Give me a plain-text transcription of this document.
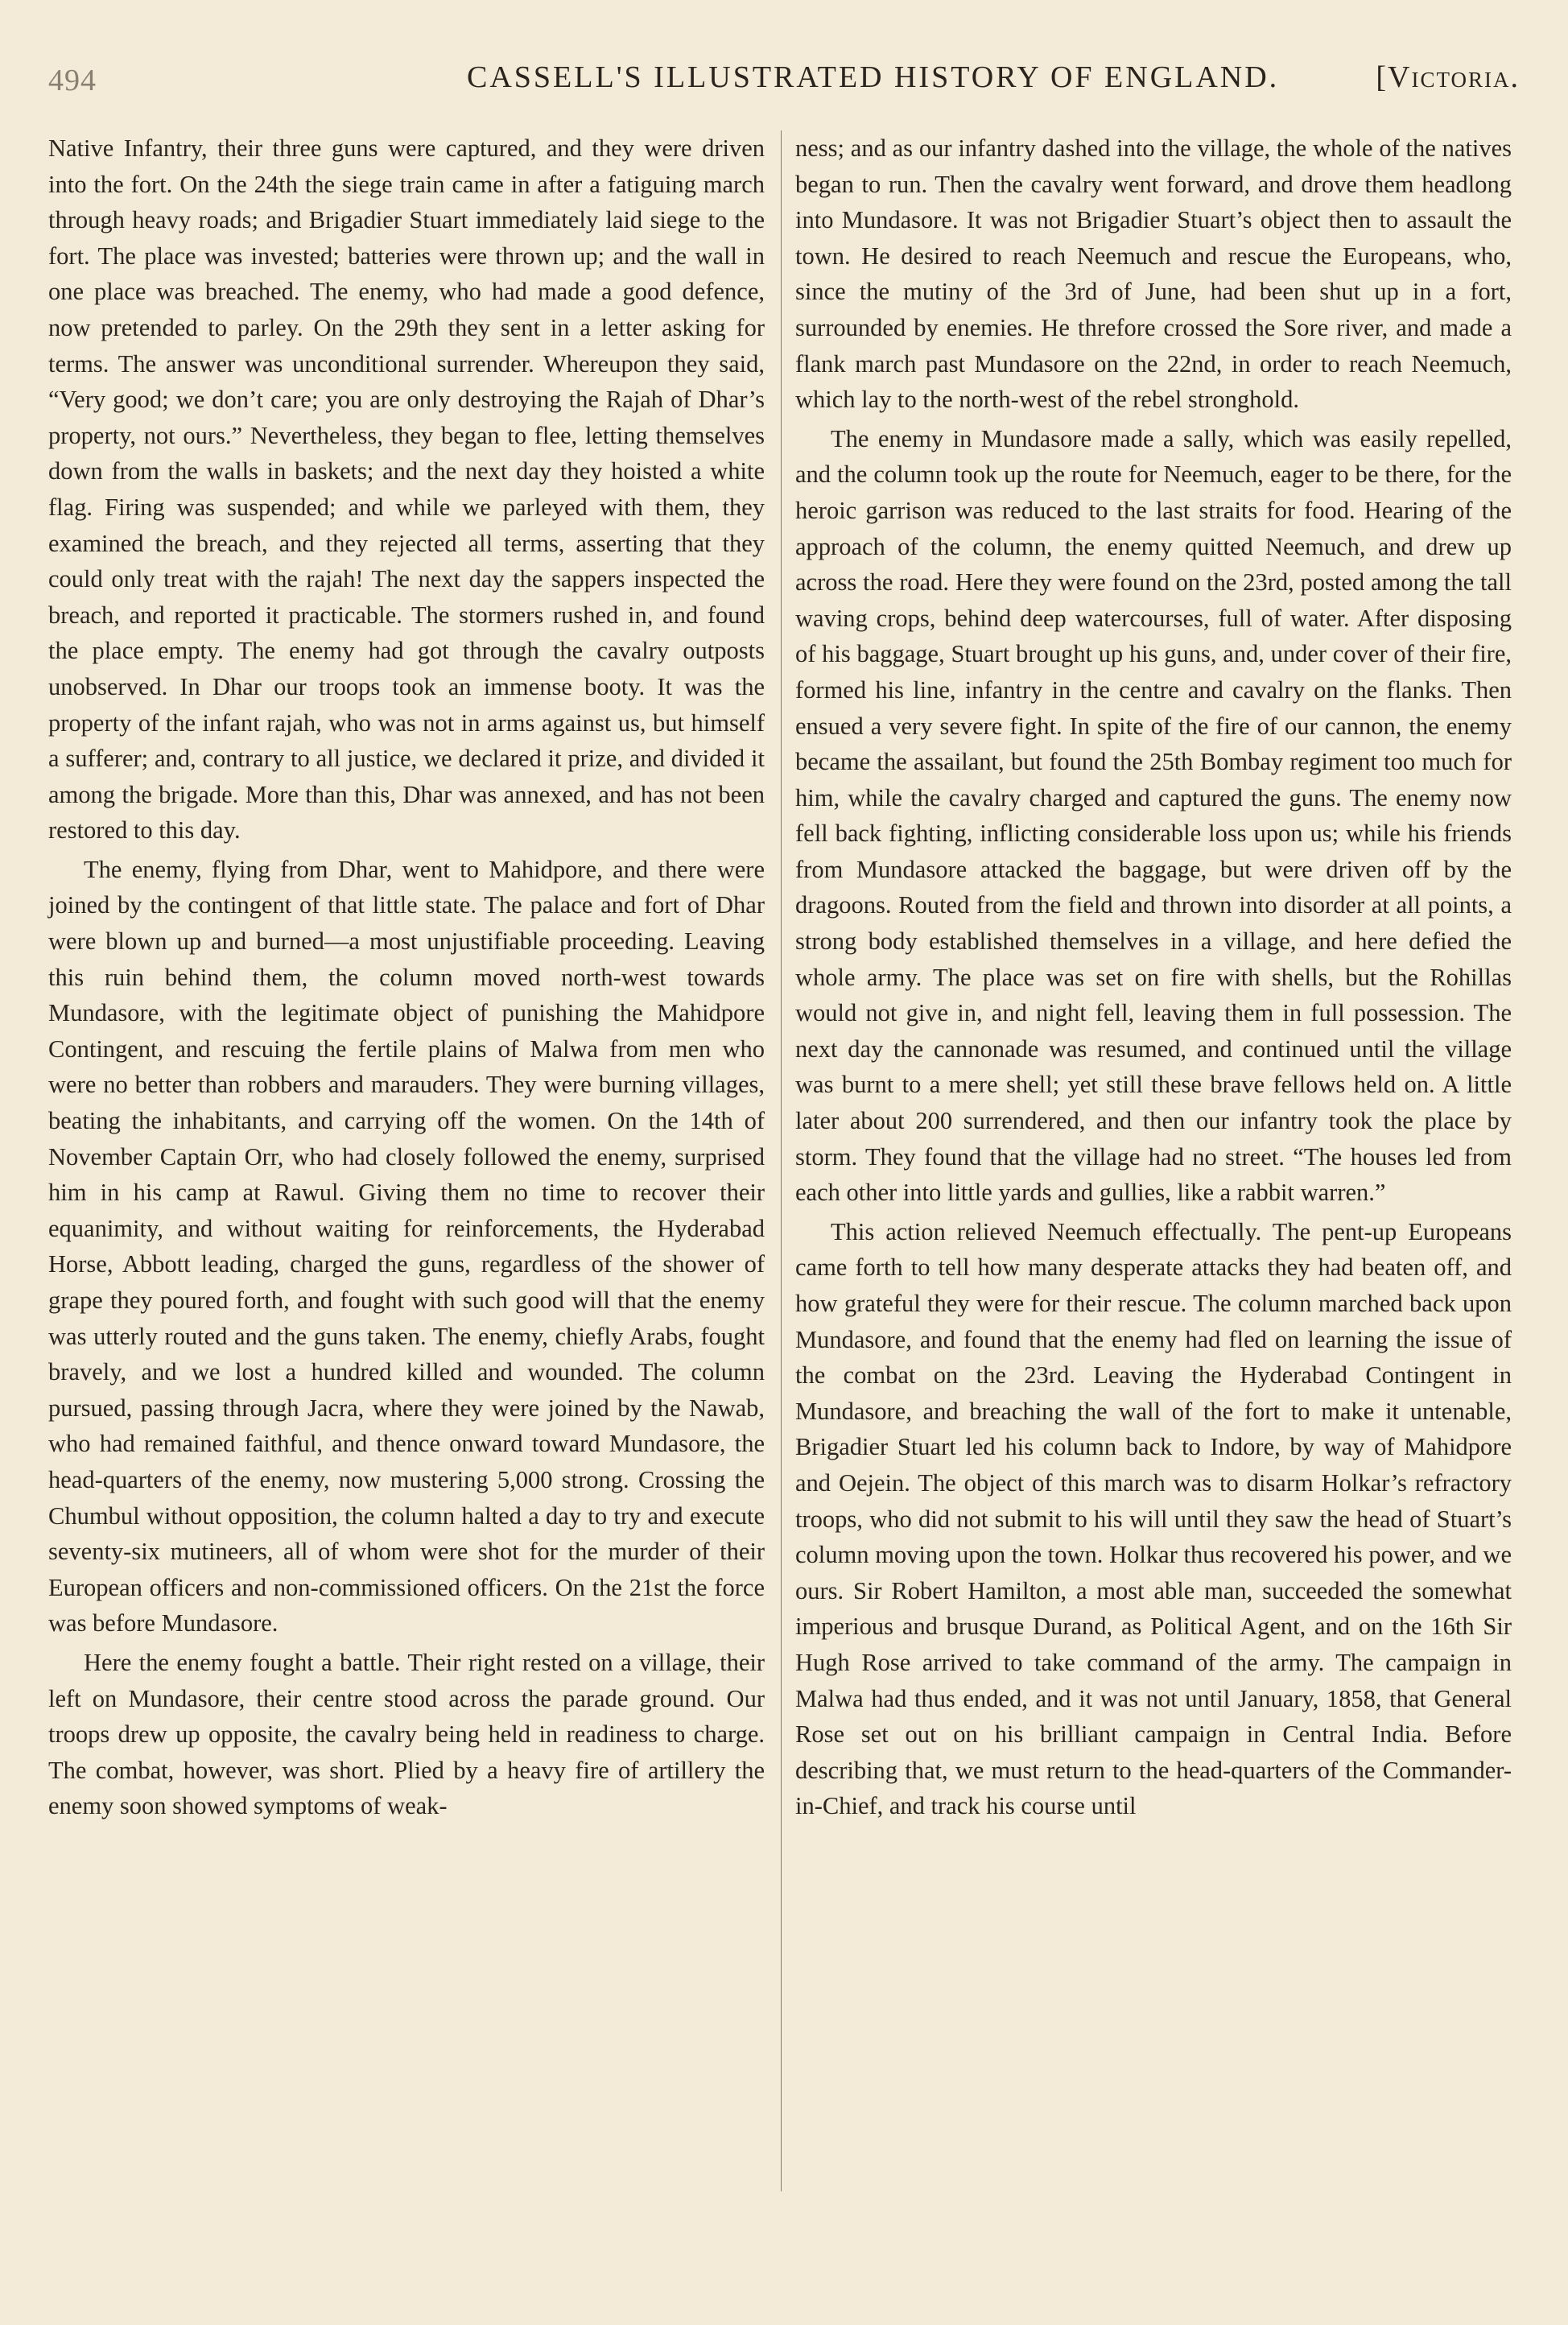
494	CASSELL'S ILLUSTRATED HISTORY OF ENGLAND.	[Victoria.

Native Infantry, their three guns were captured, and they were driven into the fort. On the 24th the siege train came in after a fatiguing march through heavy roads; and Brigadier Stuart immediately laid siege to the fort. The place was invested; batteries were thrown up; and the wall in one place was breached. The enemy, who had made a good defence, now pretended to parley. On the 29th they sent in a letter asking for terms. The answer was unconditional surrender. Whereupon they said, “Very good; we don’t care; you are only destroying the Rajah of Dhar’s property, not ours.” Nevertheless, they began to flee, letting themselves down from the walls in baskets; and the next day they hoisted a white flag. Firing was suspended; and while we parleyed with them, they examined the breach, and they rejected all terms, asserting that they could only treat with the rajah! The next day the sappers inspected the breach, and reported it practicable. The stormers rushed in, and found the place empty. The enemy had got through the cavalry outposts unobserved. In Dhar our troops took an immense booty. It was the property of the infant rajah, who was not in arms against us, but himself a sufferer; and, contrary to all justice, we declared it prize, and divided it among the brigade. More than this, Dhar was annexed, and has not been restored to this day.

The enemy, flying from Dhar, went to Mahidpore, and there were joined by the contingent of that little state. The palace and fort of Dhar were blown up and burned—a most unjustifiable proceeding. Leaving this ruin behind them, the column moved north-west towards Mundasore, with the legitimate object of punishing the Mahidpore Contingent, and rescuing the fertile plains of Malwa from men who were no better than robbers and marauders. They were burning villages, beating the inhabitants, and carrying off the women. On the 14th of November Captain Orr, who had closely followed the enemy, surprised him in his camp at Rawul. Giving them no time to recover their equanimity, and without waiting for reinforcements, the Hyderabad Horse, Abbott leading, charged the guns, regardless of the shower of grape they poured forth, and fought with such good will that the enemy was utterly routed and the guns taken. The enemy, chiefly Arabs, fought bravely, and we lost a hundred killed and wounded. The column pursued, passing through Jacra, where they were joined by the Nawab, who had remained faithful, and thence onward toward Mundasore, the head-quarters of the enemy, now mustering 5,000 strong. Crossing the Chumbul without opposition, the column halted a day to try and execute seventy-six mutineers, all of whom were shot for the murder of their European officers and non-commissioned officers. On the 21st the force was before Mundasore.

Here the enemy fought a battle. Their right rested on a village, their left on Mundasore, their centre stood across the parade ground. Our troops drew up opposite, the cavalry being held in readiness to charge. The combat, however, was short. Plied by a heavy fire of artillery the enemy soon showed symptoms of weak-

ness; and as our infantry dashed into the village, the whole of the natives began to run. Then the cavalry went forward, and drove them headlong into Mundasore. It was not Brigadier Stuart’s object then to assault the town. He desired to reach Neemuch and rescue the Europeans, who, since the mutiny of the 3rd of June, had been shut up in a fort, surrounded by enemies. He threfore crossed the Sore river, and made a flank march past Mundasore on the 22nd, in order to reach Neemuch, which lay to the north-west of the rebel stronghold.

The enemy in Mundasore made a sally, which was easily repelled, and the column took up the route for Neemuch, eager to be there, for the heroic garrison was reduced to the last straits for food. Hearing of the approach of the column, the enemy quitted Neemuch, and drew up across the road. Here they were found on the 23rd, posted among the tall waving crops, behind deep watercourses, full of water. After disposing of his baggage, Stuart brought up his guns, and, under cover of their fire, formed his line, infantry in the centre and cavalry on the flanks. Then ensued a very severe fight. In spite of the fire of our cannon, the enemy became the assailant, but found the 25th Bombay regiment too much for him, while the cavalry charged and captured the guns. The enemy now fell back fighting, inflicting considerable loss upon us; while his friends from Mundasore attacked the baggage, but were driven off by the dragoons. Routed from the field and thrown into disorder at all points, a strong body established themselves in a village, and here defied the whole army. The place was set on fire with shells, but the Rohillas would not give in, and night fell, leaving them in full possession. The next day the cannonade was resumed, and continued until the village was burnt to a mere shell; yet still these brave fellows held on. A little later about 200 surrendered, and then our infantry took the place by storm. They found that the village had no street. “The houses led from each other into little yards and gullies, like a rabbit warren.”

This action relieved Neemuch effectually. The pent-up Europeans came forth to tell how many desperate attacks they had beaten off, and how grateful they were for their rescue. The column marched back upon Mundasore, and found that the enemy had fled on learning the issue of the combat on the 23rd. Leaving the Hyderabad Contingent in Mundasore, and breaching the wall of the fort to make it untenable, Brigadier Stuart led his column back to Indore, by way of Mahidpore and Oejein. The object of this march was to disarm Holkar’s refractory troops, who did not submit to his will until they saw the head of Stuart’s column moving upon the town. Holkar thus recovered his power, and we ours. Sir Robert Hamilton, a most able man, succeeded the somewhat imperious and brusque Durand, as Political Agent, and on the 16th Sir Hugh Rose arrived to take command of the army. The campaign in Malwa had thus ended, and it was not until January, 1858, that General Rose set out on his brilliant campaign in Central India. Before describing that, we must return to the head-quarters of the Commander-in-Chief, and track his course until
